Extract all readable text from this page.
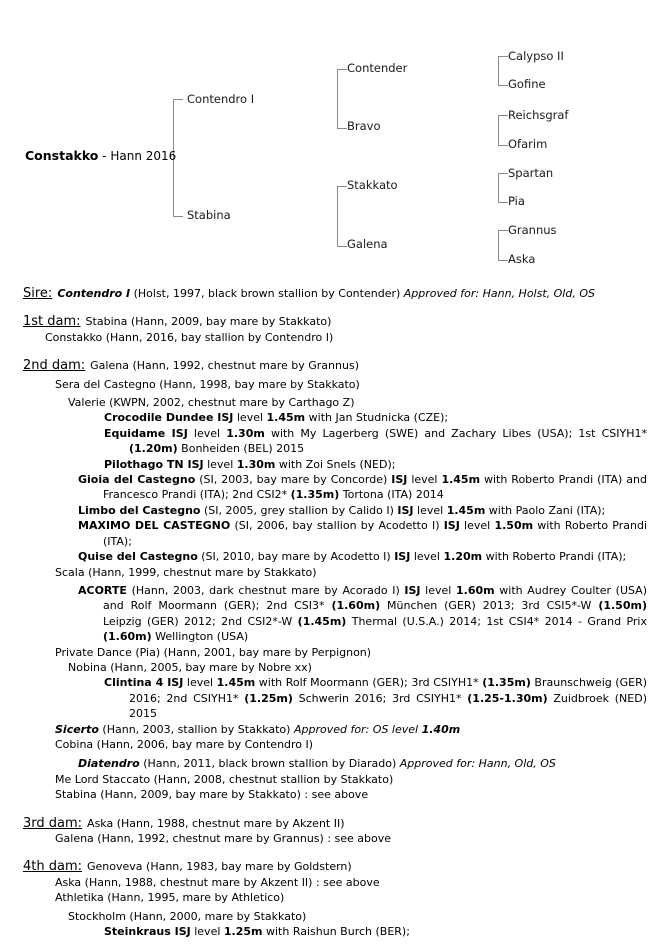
Constakko - Hann 2016
Contendro I
Stabina
Contender
Bravo
Stakkato
Galena
Calypso II
Gofine
Reichsgraf
Ofarim
Spartan
Pia
Grannus
Aska
Sire: Contendro I (Holst, 1997, black brown stallion by Contender) Approved for: Hann, Holst, Old, OS
1st dam: Stabina (Hann, 2009, bay mare by Stakkato)
Constakko (Hann, 2016, bay stallion by Contendro I)
2nd dam: Galena (Hann, 1992, chestnut mare by Grannus)
Sera del Castegno (Hann, 1998, bay mare by Stakkato)
Valerie (KWPN, 2002, chestnut mare by Carthago Z)
Crocodile Dundee ISJ level 1.45m with Jan Studnicka (CZE);
Equidame ISJ level 1.30m with My Lagerberg (SWE) and Zachary Libes (USA); 1st CSIYH1* (1.20m) Bonheiden (BEL) 2015
Pilothago TN ISJ level 1.30m with Zoi Snels (NED);
Gioia del Castegno (SI, 2003, bay mare by Concorde) ISJ level 1.45m with Roberto Prandi (ITA) and Francesco Prandi (ITA); 2nd CSI2* (1.35m) Tortona (ITA) 2014
Limbo del Castegno (SI, 2005, grey stallion by Calido I) ISJ level 1.45m with Paolo Zani (ITA);
MAXIMO DEL CASTEGNO (SI, 2006, bay stallion by Acodetto I) ISJ level 1.50m with Roberto Prandi (ITA);
Quise del Castegno (SI, 2010, bay mare by Acodetto I) ISJ level 1.20m with Roberto Prandi (ITA);
Scala (Hann, 1999, chestnut mare by Stakkato)
ACORTE (Hann, 2003, dark chestnut mare by Acorado I) ISJ level 1.60m with Audrey Coulter (USA) and Rolf Moormann (GER); 2nd CSI3* (1.60m) München (GER) 2013; 3rd CSI5*-W (1.50m) Leipzig (GER) 2012; 2nd CSI2*-W (1.45m) Thermal (U.S.A.) 2014; 1st CSI4* 2014 - Grand Prix (1.60m) Wellington (USA)
Private Dance (Pia) (Hann, 2001, bay mare by Perpignon)
Nobina (Hann, 2005, bay mare by Nobre xx)
Clintina 4 ISJ level 1.45m with Rolf Moormann (GER); 3rd CSIYH1* (1.35m) Braunschweig (GER) 2016; 2nd CSIYH1* (1.25m) Schwerin 2016; 3rd CSIYH1* (1.25-1.30m) Zuidbroek (NED) 2015
Sicerto (Hann, 2003, stallion by Stakkato) Approved for: OS level 1.40m
Cobina (Hann, 2006, bay mare by Contendro I)
Diatendro (Hann, 2011, black brown stallion by Diarado) Approved for: Hann, Old, OS
Me Lord Staccato (Hann, 2008, chestnut stallion by Stakkato)
Stabina (Hann, 2009, bay mare by Stakkato) : see above
3rd dam: Aska (Hann, 1988, chestnut mare by Akzent II)
Galena (Hann, 1992, chestnut mare by Grannus) : see above
4th dam: Genoveva (Hann, 1983, bay mare by Goldstern)
Aska (Hann, 1988, chestnut mare by Akzent II) : see above
Athletika (Hann, 1995, mare by Athletico)
Stockholm (Hann, 2000, mare by Stakkato)
Steinkraus ISJ level 1.25m with Raishun Burch (BER);
